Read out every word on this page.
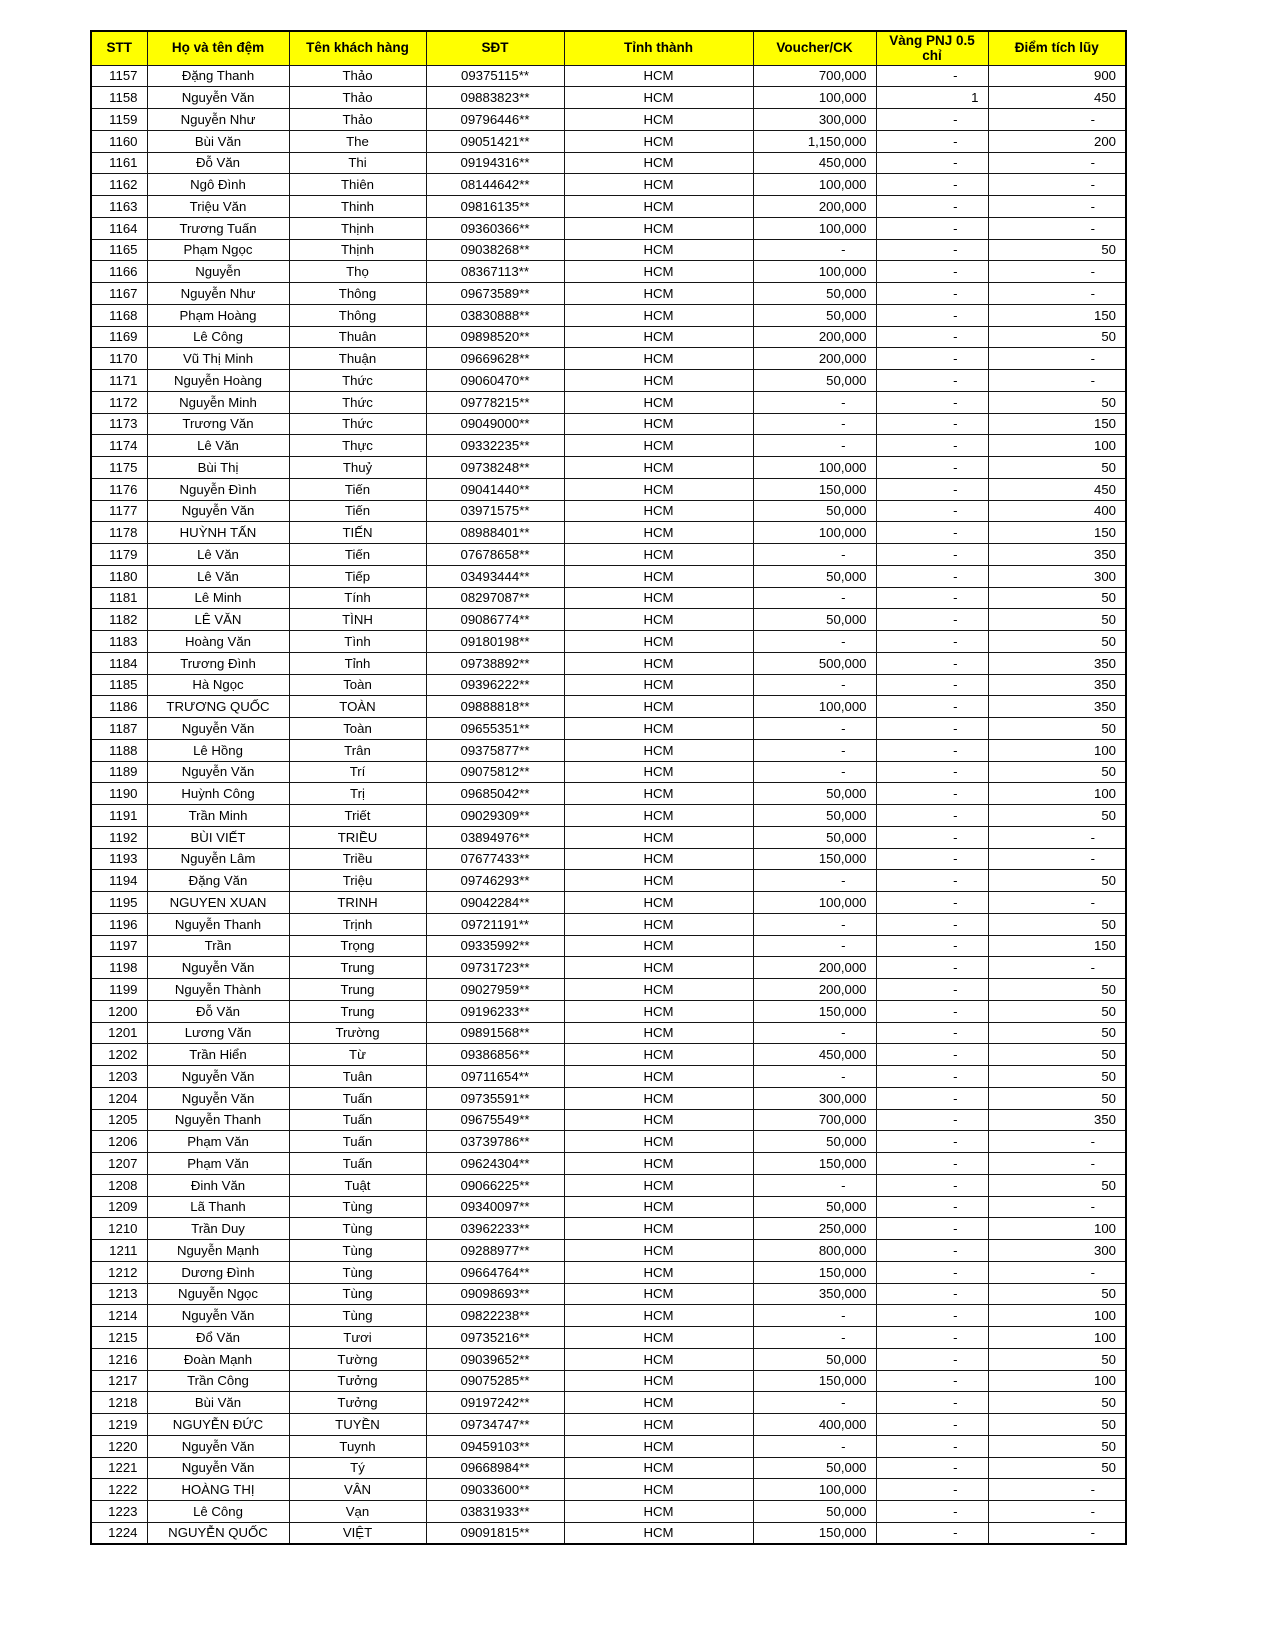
STT	Họ và tên đệm	Tên khách hàng	SĐT	Tỉnh thành	Voucher/CK	Vàng PNJ 0.5 chỉ	Điểm tích lũy
1157	Đặng Thanh	Thảo	09375115**	HCM	700,000	-	900
1158	Nguyễn Văn	Thảo	09883823**	HCM	100,000	1	450
1159	Nguyễn Như	Thảo	09796446**	HCM	300,000	-	-
1160	Bùi Văn	The	09051421**	HCM	1,150,000	-	200
1161	Đỗ Văn	Thi	09194316**	HCM	450,000	-	-
1162	Ngô Đình	Thiên	08144642**	HCM	100,000	-	-
1163	Triệu Văn	Thinh	09816135**	HCM	200,000	-	-
1164	Trương Tuấn	Thịnh	09360366**	HCM	100,000	-	-
1165	Phạm Ngọc	Thịnh	09038268**	HCM	-	-	50
1166	Nguyễn	Thọ	08367113**	HCM	100,000	-	-
1167	Nguyễn Như	Thông	09673589**	HCM	50,000	-	-
1168	Phạm Hoàng	Thông	03830888**	HCM	50,000	-	150
1169	Lê Công	Thuân	09898520**	HCM	200,000	-	50
1170	Vũ Thị Minh	Thuận	09669628**	HCM	200,000	-	-
1171	Nguyễn Hoàng	Thức	09060470**	HCM	50,000	-	-
1172	Nguyễn Minh	Thức	09778215**	HCM	-	-	50
1173	Trương Văn	Thức	09049000**	HCM	-	-	150
1174	Lê Văn	Thực	09332235**	HCM	-	-	100
1175	Bùi Thị	Thuỷ	09738248**	HCM	100,000	-	50
1176	Nguyễn Đình	Tiến	09041440**	HCM	150,000	-	450
1177	Nguyễn Văn	Tiến	03971575**	HCM	50,000	-	400
1178	HUỲNH TẤN	TIẾN	08988401**	HCM	100,000	-	150
1179	Lê Văn	Tiến	07678658**	HCM	-	-	350
1180	Lê Văn	Tiếp	03493444**	HCM	50,000	-	300
1181	Lê Minh	Tính	08297087**	HCM	-	-	50
1182	LÊ VĂN	TÌNH	09086774**	HCM	50,000	-	50
1183	Hoàng Văn	Tình	09180198**	HCM	-	-	50
1184	Trương Đình	Tỉnh	09738892**	HCM	500,000	-	350
1185	Hà Ngọc	Toàn	09396222**	HCM	-	-	350
1186	TRƯƠNG QUỐC	TOÀN	09888818**	HCM	100,000	-	350
1187	Nguyễn Văn	Toàn	09655351**	HCM	-	-	50
1188	Lê Hồng	Trân	09375877**	HCM	-	-	100
1189	Nguyễn Văn	Trí	09075812**	HCM	-	-	50
1190	Huỳnh Công	Trị	09685042**	HCM	50,000	-	100
1191	Trần Minh	Triết	09029309**	HCM	50,000	-	50
1192	BÙI VIẾT	TRIỀU	03894976**	HCM	50,000	-	-
1193	Nguyễn Lâm	Triều	07677433**	HCM	150,000	-	-
1194	Đặng Văn	Triệu	09746293**	HCM	-	-	50
1195	NGUYEN XUAN	TRINH	09042284**	HCM	100,000	-	-
1196	Nguyễn Thanh	Trịnh	09721191**	HCM	-	-	50
1197	Trần	Trọng	09335992**	HCM	-	-	150
1198	Nguyễn Văn	Trung	09731723**	HCM	200,000	-	-
1199	Nguyễn Thành	Trung	09027959**	HCM	200,000	-	50
1200	Đỗ Văn	Trung	09196233**	HCM	150,000	-	50
1201	Lương Văn	Trường	09891568**	HCM	-	-	50
1202	Trần Hiển	Từ	09386856**	HCM	450,000	-	50
1203	Nguyễn Văn	Tuân	09711654**	HCM	-	-	50
1204	Nguyễn Văn	Tuấn	09735591**	HCM	300,000	-	50
1205	Nguyễn Thanh	Tuấn	09675549**	HCM	700,000	-	350
1206	Phạm Văn	Tuấn	03739786**	HCM	50,000	-	-
1207	Phạm Văn	Tuấn	09624304**	HCM	150,000	-	-
1208	Đinh Văn	Tuật	09066225**	HCM	-	-	50
1209	Lã Thanh	Tùng	09340097**	HCM	50,000	-	-
1210	Trần Duy	Tùng	03962233**	HCM	250,000	-	100
1211	Nguyễn Mạnh	Tùng	09288977**	HCM	800,000	-	300
1212	Dương Đình	Tùng	09664764**	HCM	150,000	-	-
1213	Nguyễn Ngọc	Tùng	09098693**	HCM	350,000	-	50
1214	Nguyễn Văn	Tùng	09822238**	HCM	-	-	100
1215	Đổ Văn	Tươi	09735216**	HCM	-	-	100
1216	Đoàn Mạnh	Tường	09039652**	HCM	50,000	-	50
1217	Trần Công	Tưởng	09075285**	HCM	150,000	-	100
1218	Bùi Văn	Tưởng	09197242**	HCM	-	-	50
1219	NGUYỄN ĐỨC	TUYỀN	09734747**	HCM	400,000	-	50
1220	Nguyễn Văn	Tuynh	09459103**	HCM	-	-	50
1221	Nguyễn Văn	Tý	09668984**	HCM	50,000	-	50
1222	HOÀNG THỊ	VÂN	09033600**	HCM	100,000	-	-
1223	Lê Công	Vạn	03831933**	HCM	50,000	-	-
1224	NGUYỄN QUỐC	VIỆT	09091815**	HCM	150,000	-	-
